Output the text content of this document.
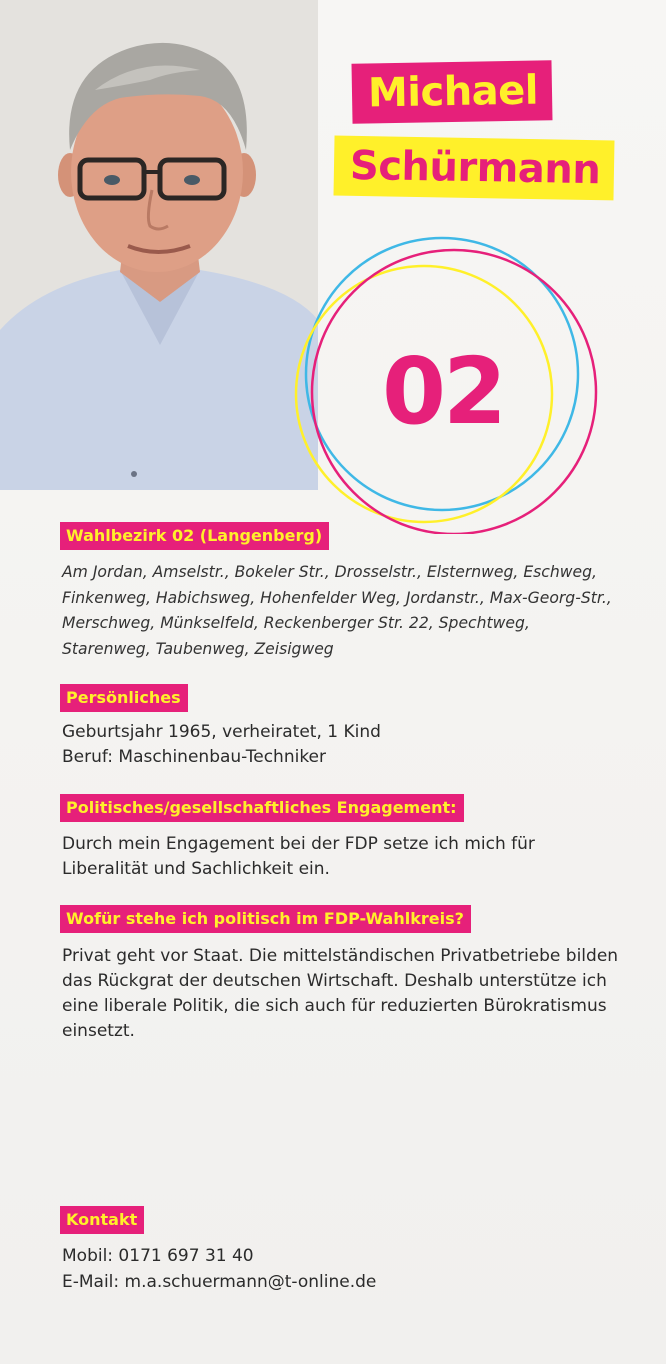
Michael
Schürmann
02
Wahlbezirk 02 (Langenberg)

Am Jordan, Amselstr., Bokeler Str., Drosselstr., Elsternweg, Eschweg, Finkenweg, Habichsweg, Hohenfelder Weg, Jordanstr., Max-Georg-Str., Merschweg, Münkselfeld, Reckenberger Str. 22, Spechtweg, Starenweg, Taubenweg, Zeisigweg

Persönliches

Geburtsjahr 1965, verheiratet, 1 Kind

Beruf: Maschinenbau-Techniker

Politisches/gesellschaftliches Engagement:

Durch mein Engagement bei der FDP setze ich mich für Liberalität und Sachlichkeit ein.

Wofür stehe ich politisch im FDP-Wahlkreis?

Privat geht vor Staat. Die mittelständischen Privatbetriebe bilden das Rückgrat der deutschen Wirtschaft. Deshalb unterstütze ich eine liberale Politik, die sich auch für reduzierten Bürokratismus einsetzt.

Kontakt

Mobil: 0171 697 31 40

E-Mail: m.a.schuermann@t-online.de
